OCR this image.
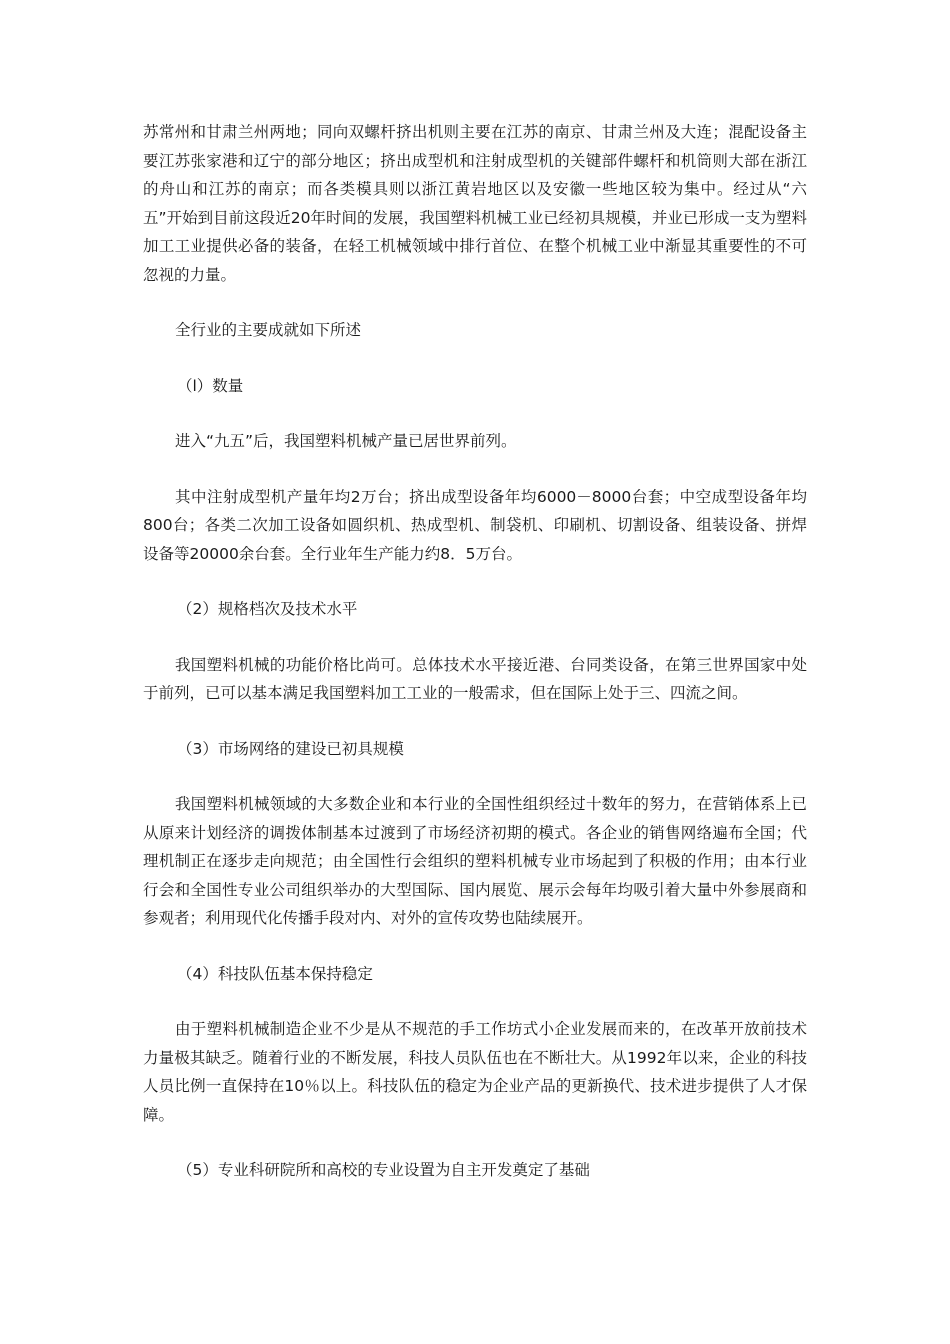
苏常州和甘肃兰州两地；同向双螺杆挤出机则主要在江苏的南京、甘肃兰州及大连；混配设备主要江苏张家港和辽宁的部分地区；挤出成型机和注射成型机的关键部件螺杆和机筒则大部在浙江的舟山和江苏的南京；而各类模具则以浙江黄岩地区以及安徽一些地区较为集中。经过从“六五”开始到目前这段近20年时间的发展，我国塑料机械工业已经初具规模，并业已形成一支为塑料加工工业提供必备的装备，在轻工机械领域中排行首位、在整个机械工业中渐显其重要性的不可忽视的力量。

全行业的主要成就如下所述

（l）数量

进入“九五”后，我国塑料机械产量已居世界前列。

其中注射成型机产量年均2万台；挤出成型设备年均6000－8000台套；中空成型设备年均800台；各类二次加工设备如圆织机、热成型机、制袋机、印刷机、切割设备、组装设备、拼焊设备等20000余台套。全行业年生产能力约8．5万台。

（2）规格档次及技术水平

我国塑料机械的功能价格比尚可。总体技术水平接近港、台同类设备，在第三世界国家中处于前列，已可以基本满足我国塑料加工工业的一般需求，但在国际上处于三、四流之间。

（3）市场网络的建设已初具规模

我国塑料机械领域的大多数企业和本行业的全国性组织经过十数年的努力，在营销体系上已从原来计划经济的调拨体制基本过渡到了市场经济初期的模式。各企业的销售网络遍布全国；代理机制正在逐步走向规范；由全国性行会组织的塑料机械专业市场起到了积极的作用；由本行业行会和全国性专业公司组织举办的大型国际、国内展览、展示会每年均吸引着大量中外参展商和参观者；利用现代化传播手段对内、对外的宣传攻势也陆续展开。

（4）科技队伍基本保持稳定

由于塑料机械制造企业不少是从不规范的手工作坊式小企业发展而来的，在改革开放前技术力量极其缺乏。随着行业的不断发展，科技人员队伍也在不断壮大。从1992年以来，企业的科技人员比例一直保持在10％以上。科技队伍的稳定为企业产品的更新换代、技术进步提供了人才保障。

（5）专业科研院所和高校的专业设置为自主开发奠定了基础
